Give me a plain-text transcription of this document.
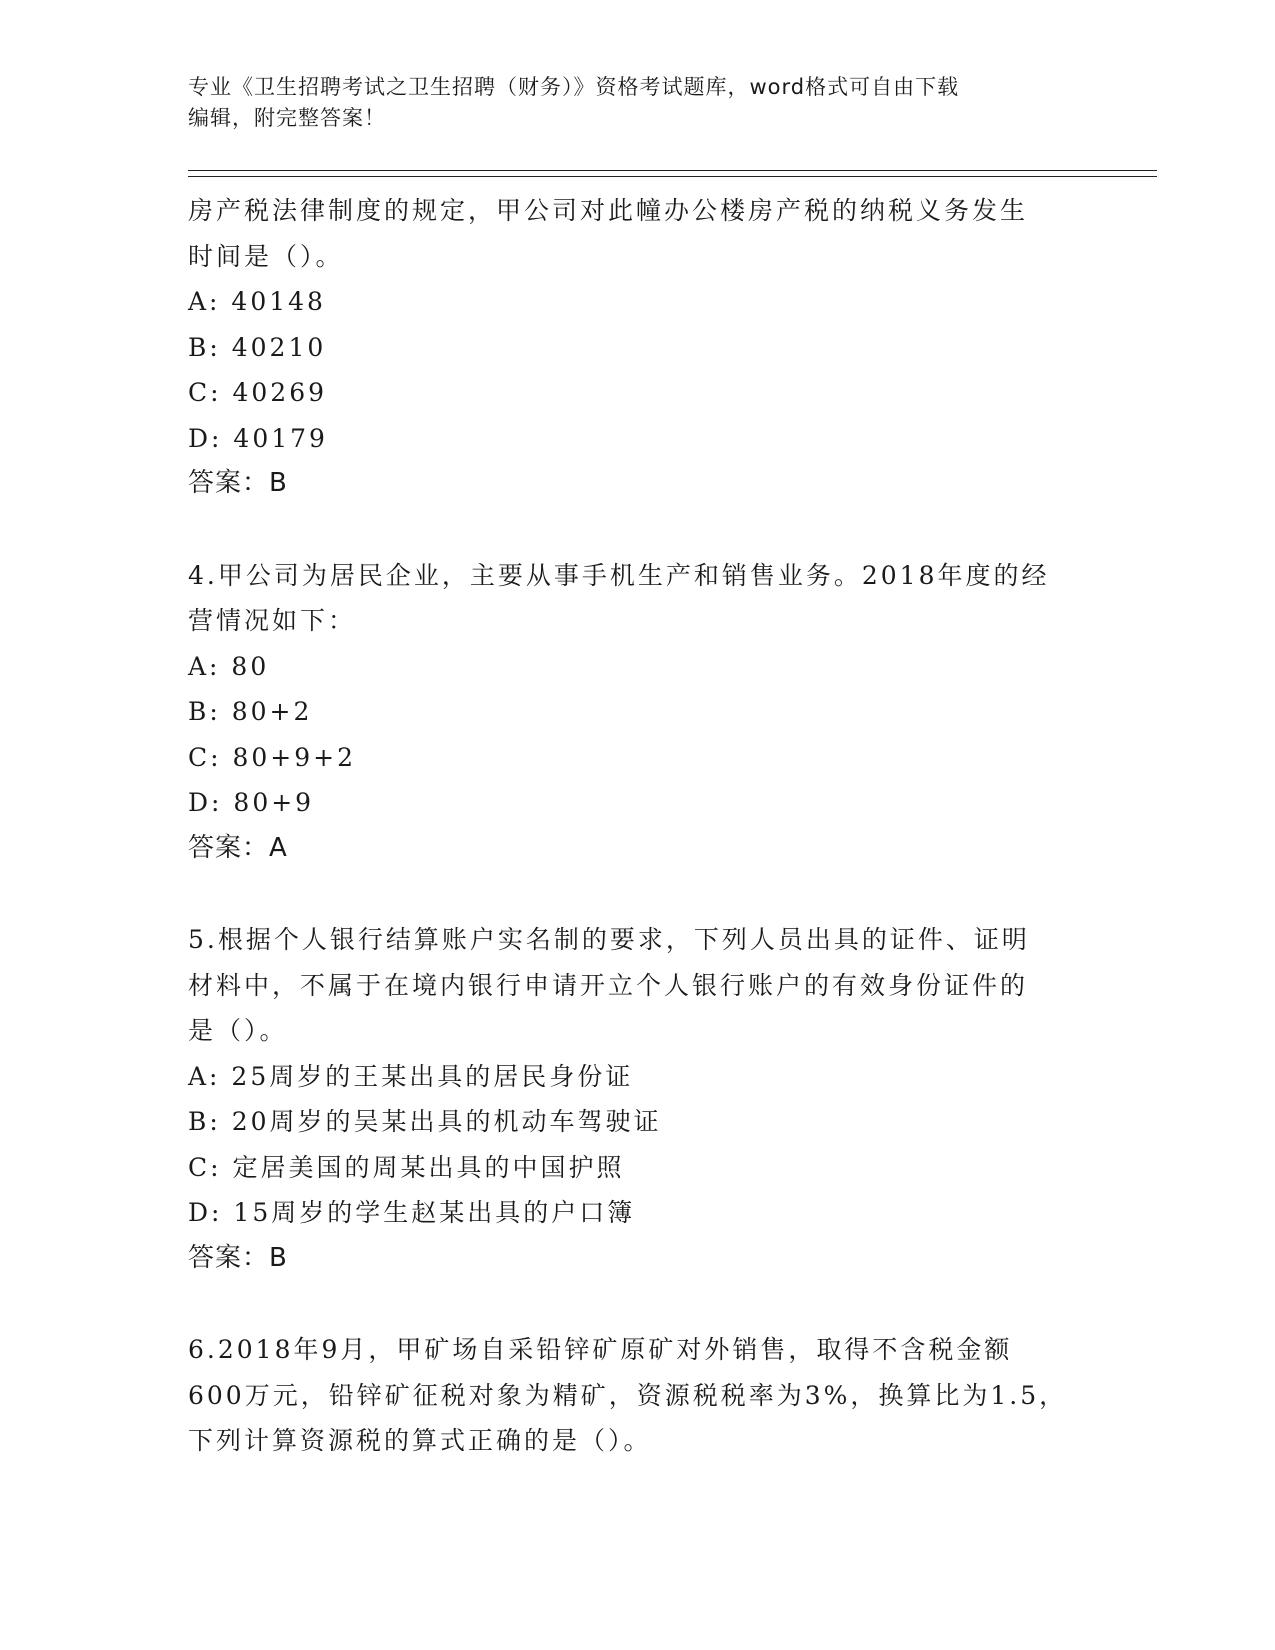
专业《卫生招聘考试之卫生招聘（财务）》资格考试题库，word格式可自由下载
编辑，附完整答案！
房产税法律制度的规定，甲公司对此幢办公楼房产税的纳税义务发生
时间是（）。
A: 40148
B: 40210
C: 40269
D: 40179
答案：B
4.甲公司为居民企业，主要从事手机生产和销售业务。2018年度的经
营情况如下：
A: 80
B: 80+2
C: 80+9+2
D: 80+9
答案：A
5.根据个人银行结算账户实名制的要求，下列人员出具的证件、证明
材料中，不属于在境内银行申请开立个人银行账户的有效身份证件的
是（）。
A: 25周岁的王某出具的居民身份证
B: 20周岁的吴某出具的机动车驾驶证
C: 定居美国的周某出具的中国护照
D: 15周岁的学生赵某出具的户口簿
答案：B
6.2018年9月，甲矿场自采铅锌矿原矿对外销售，取得不含税金额
600万元，铅锌矿征税对象为精矿，资源税税率为3%，换算比为1.5，
下列计算资源税的算式正确的是（）。
